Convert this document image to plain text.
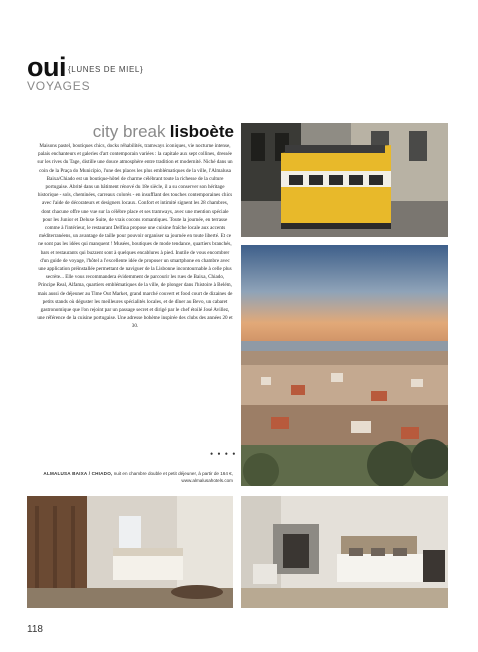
oui $^{\{LUNES DE MIEL\}}$
VOYAGES
city break lisboète
Maisons pastel, boutiques chics, docks réhabilités, tramways iconiques, vie nocturne intense, palais enchanteurs et galeries d'art contemporain variées : la capitale aux sept collines, dressée sur les rives du Tage, distille une douce atmosphère entre tradition et modernité. Niché dans un coin de la Praça do Município, l'une des places les plus emblématiques de la ville, l'Almalusa Baixa/Chiado est un boutique-hôtel de charme célébrant toute la richesse de la culture portugaise. Abrité dans un bâtiment rénové du 18e siècle, il a su conserver son héritage historique - sols, cheminées, carreaux colorés - en insufflant des touches contemporaines chics avec l'aide de décorateurs et designers locaux. Confort et intimité signent les 28 chambres, dont chacune offre une vue sur la célèbre place et ses tramways, avec une mention spéciale pour les Junior et Deluxe Suite, de vrais cocons romantiques. Toute la journée, en terrasse comme à l'intérieur, le restaurant Delfina propose une cuisine fraîche locale aux accents méditerranéens, un avantage de taille pour pouvoir organiser sa journée en toute liberté. Et ce ne sont pas les idées qui manquent ! Musées, boutiques de mode tendance, quartiers branchés, bars et restaurants qui buzzent sont à quelques encablures à pied. Inutile de vous encombrer d'un guide de voyage, l'hôtel a l'excellente idée de proposer un smartphone en chambre avec une application préinstallée permettant de naviguer de la Lisbonne incontournable à celle plus secrète... Elle vous recommandera évidemment de parcourir les rues de Baixa, Chiado, Principe Real, Alfama, quartiers emblématiques de la ville, de plonger dans l'histoire à Belém, mais aussi de déjeuner au Time Out Market, grand marché couvert et food court de dizaines de petits stands où déguster les meilleures spécialités locales, et de dîner au Bevo, un cabaret gastronomique que l'on rejoint par un passage secret et dirigé par le chef étoilé José Avillez, une référence de la cuisine portugaise. Une adresse bohème inspirée des clubs des années 20 et 30.
• • • •
ALMALUSA BAIXA / CHIADO, nuit en chambre double et petit déjeuner, à partir de 164 €, www.almalusahotels.com
118
